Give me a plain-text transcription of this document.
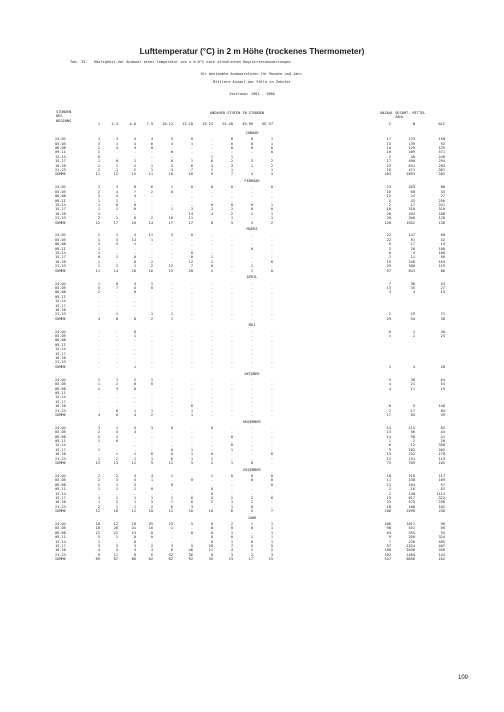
Lufttemperatur (°C) in 2 m Höhe (trockenes Thermometer)
Tab. 33.   Häufigkeit der Andauer einer Temperatur von ≤ 0.0°C nach stündlichen Registrierauswertungen
für bestimmte Andauerstufen für Monate und Jahr.
Mittlere Anzahl der Fälle in Zehntel
Zeitraum: 1961 - 1980
STUNDEN
DES
BEGINNS
ANDAUER-STUFEN IN STUNDEN	ANZAHL GESAMT- MITTEL
ZAHL
1	2-3	4-6	7-9	10-12	13-18	19-24	25-48	49-96	GE 97	Σ	N	N/Σ
JANUAR
24-02	1	3	4	4	5	0	-	0	0	1	17	275	158
03-05	3	1	4	6	4	1	-	0	0	1	15	139	92
06-08	2	4	3	0	-	-	-	0	0	0	10	129	129
09-11	2	-	-	-	0	-	-	-	-	0	10	209	571
12-14	0	-	-	-	-	-	1	1	-	-	2	40	240
15-17	1	0	1	-	0	1	6	2	3	2	17	490	294
18-20	2	1	2	1	3	6	3	3	1	2	23	641	283
21-23	2	1	2	1	3	7	1	1	-	1	16	471	301
SUMME	11	12	15	11	10	16	9	7	4	4	103	2893	282
FEBRUAR
24-02	2	3	8	6	1	0	0	0	-	0	23	203	88
03-05	2	4	7	2	0	-	-	-	-	-	16	68	43
06-08	3	4	4	-	-	-	-	-	-	-	12	24	27
09-11	1	1	-	-	-	-	-	-	-	-	2	43	256
12-14	1	0	0	-	-	-	0	0	0	1	2	17	341
15-17	1	1	0	-	1	3	2	1	0	0	10	310	310
18-20	1	-	-	-	-	14	4	2	1	1	26	494	188
21-23	2	2	0	2	10	11	-	1	-	1	28	360	128
SUMME	12	17	16	14	17	27	8	5	3	2	120	1652	136
MAERZ
24-02	2	1	4	11	3	0	-	-	-	-	22	147	68
03-05	1	5	14	1	-	-	-	-	-	-	22	91	42
06-08	3	5	1	-	-	-	-	-	-	-	9	17	19
09-11	1	-	-	-	-	-	-	-	0	-	2	20	100
12-14	1	-	-	-	-	0	-	-	-	-	0	4	100
15-17	0	1	0	-	-	0	1	-	-	-	2	11	56
18-20	1	-	0	2	-	12	1	-	-	0	15	246	164
21-23	1	2	1	2	12	7	0	-	1	-	25	300	119
SUMME	11	14	20	16	15	20	2	-	1	0	97	841	86
APRIL
24-02	1	0	4	1	-	-	-	-	-	-	7	36	54
03-05	5	7	3	0	-	-	-	-	-	-	13	35	27
06-08	2	-	0	-	-	-	-	-	-	-	3	4	15
09-11	-	-	-	-	-	-	-	-	-	-
12-14	-	-	-	-	-	-	-	-	-	-
15-17	-	-	-	-	-	-	-	-	-	-
18-20	-	-	-	-	-	-	-	-	-	-
21-23	-	1	-	1	1	-	-	-	-	-	2	19	71
SUMME	4	8	8	2	1	-	-	-	-	-	25	94	38
MAI
24-02	-	-	0	-	-	-	-	-	-	-	0	1	40
03-05	-	-	1	-	-	-	-	-	-	-	1	2	23
06-08	-	-	-	-	-	-	-	-	-	-
09-11	-	-	-	-	-	-	-	-	-	-
12-14	-	-	-	-	-	-	-	-	-	-
15-17	-	-	-	-	-	-	-	-	-	-
18-20	-	-	-	-	-	-	-	-	-	-
21-23	-	-	-	-	-	-	-	-	-	-
SUMME	-	-	1	-	-	-	-	-	-	-	1	4	28
OKTOBER
24-02	1	1	2	1	-	-	-	-	-	-	5	30	64
03-05	1	2	0	0	-	-	-	-	-	-	4	21	54
06-08	2	3	0	-	-	-	-	-	-	-	4	11	19
09-11	-	-	-	-	-	-	-	-	-	-
12-14	-	-	-	-	-	-	-	-	-	-
15-17	-	-	-	-	-	-	-	-	-	-
18-20	-	-	-	-	-	0	-	-	-	-	0	5	140
21-23	-	0	1	1	-	1	-	-	-	-	2	17	85
SUMME	4	6	4	2	-	1	-	-	-	-	17	84	49
NOVEMBER
24-02	3	1	5	3	0	-	0	-	-	-	14	115	82
03-05	2	5	3	-	-	-	-	-	-	-	13	56	44
06-08	5	2	-	-	-	-	-	0	-	-	14	58	41
09-11	1	0	-	-	-	-	-	-	-	-	1	2	20
12-14	-	-	-	-	-	-	-	0	-	-	0	12	350
15-17	1	-	-	-	0	1	-	1	-	-	9	182	202
18-20	-	1	1	0	6	1	0	-	-	0	13	232	178
21-23	1	2	1	1	6	1	1	-	-	-	11	131	119
SUMME	13	13	12	9	12	5	2	1	0	-	75	789	105
DEZEMBER
24-02	2	2	4	4	1	-	1	0	0	0	18	210	117
03-05	2	3	3	1	-	0	-	-	0	0	11	138	109
06-08	2	1	3	-	0	-	-	-	-	0	11	104	97
09-11	1	1	1	0	-	-	0	-	-	-	2	16	52
12-14	-	-	-	-	-	-	0	-	-	-	1	148	1113
15-17	1	1	1	1	1	6	3	2	2	0	19	617	322
18-20	1	2	1	3	7	6	2	1	1	-	23	575	250
21-23	2	1	1	2	6	3	-	1	0	-	18	186	102
SUMME	12	16	12	10	12	16	10	6	5	7	106	2498	236
JAHR
24-02	10	12	18	35	23	5	0	2	1	1	106	1017	96
03-05	16	26	41	16	2	-	0	0	0	1	98	551	56
06-08	21	21	13	0	-	0	0	1	-	1	64	355	55
09-11	5	1	0	0	-	-	0	0	1	1	9	290	324
12-14	1	-	0	-	-	-	0	1	0	1	7	226	465
15-17	3	3	3	2	3	5	20	7	5	5	57	2324	407
18-20	4	4	3	4	6	46	11	4	2	2	100	3496	350
21-23	9	11	6	6	32	36	0	3	2	3	102	1484	144
SUMME	69	87	86	62	62	92	35	23	17	15	547	8856	162
109
